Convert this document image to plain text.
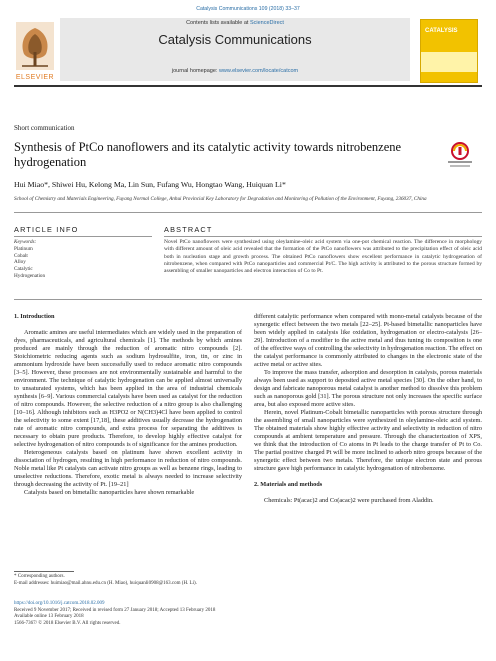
Catalysis Communications 109 (2018) 33–37
Contents lists available at ScienceDirect
Catalysis Communications
journal homepage: www.elsevier.com/locate/catcom
ELSEVIER
CATALYSIS
Short communication
Synthesis of PtCo nanoflowers and its catalytic activity towards nitrobenzene hydrogenation
Hui Miao*, Shiwei Hu, Kelong Ma, Lin Sun, Fufang Wu, Hongtao Wang, Huiquan Li*
School of Chemistry and Materials Engineering, Fuyang Normal College, Anhui Provincial Key Laboratory for Degradation and Monitoring of Pollution of the Environment, Fuyang, 236037, China
ARTICLE INFO	ABSTRACT
Keywords:
Platinum
Cobalt
Alloy
Catalytic
Hydrogenation
Novel PtCo nanoflowers were synthesized using oleylamine-oleic acid system via one-pot chemical reaction. The difference in morphology with different amount of oleic acid revealed that the formation of the PtCo nanoflowers was attributed to the precipitation effect of oleic acid both in nucleation stage and growth process. The obtained PtCo nanoflowers show excellent performance in catalytic hydrogenation of nitrobenzene, when compared with PtCo nanoparticles and commercial Pt/C. The high activity is attributed to the porous structure formed by assembling of smaller nanoparticles and electron interaction of Co to Pt.

1. Introduction

Aromatic amines are useful intermediates which are widely used in the preparation of dyes, pharmaceuticals, and agricultural chemicals [1]. The methods by which amines produced are mainly through the reduction of aromatic nitro compounds [2]. Stoichiometric reducing agents such as sodium hydrosulfite, iron, tin, or zinc in ammonium hydroxide have been successfully used to reduce aromatic nitro compounds [3–5]. However, these processes are not environmentally sustainable and harmful to the environment. The technique of catalytic hydrogenation can be applied almost universally to unsaturated systems, which has been applied in the area of industrial chemicals synthesis [6–9]. Various commercial catalysts have been used as catalyst for the reduction of nitro compounds. However, the selective reduction of a nitro group is also challenging [10–16]. Although inhibitors such as H3PO2 or N(CH3)4Cl have been applied to control the selectivity to some extent [17,18], these additives usually decrease the hydrogenation rate of aromatic nitro compounds, and extra process for separating the additives is necessary to obtain pure products. Therefore, to develop highly effective catalyst for selective hydrogenation of nitro compounds is of significance for the amines production.

Heterogeneous catalysts based on platinum have shown excellent activity in dissociation of hydrogen, resulting in high performance in reduction of nitro compounds. Noble metal like Pt catalysts can activate nitro groups as well as benzene rings, leading to unselective reductions. Therefore, exotic metal is always needed to increase selectivity through decreasing the activity of Pt. [19–21]

Catalysts based on bimetallic nanoparticles have shown remarkable

different catalytic performance when compared with mono-metal catalysts because of the synergetic effect between the two metals [22–25]. Pt-based bimetallic nanoparticles have been widely applied in catalysis like oxidation, hydrogenation or electro-catalysis [26–29]. Introduction of a modifier to the active metal and thus tuning its composition is one of the effective ways of controlling the selectivity in hydrogenation reaction. The effect on the catalyst performance is commonly attributed to changes in the electronic state of the active metal or active sites.

To improve the mass transfer, adsorption and desorption in catalysis, porous materials always been used as support to deposited active metal species [30]. On the other hand, to design and fabricate nanoporous metal catalyst is another method to dissolve this problem such as nanoporous gold [31]. The porous structure not only increases the specific surface area, but also exposed more active sites.

Herein, novel Platinum-Cobalt bimetallic nanoparticles with porous structure through the assembling of small nanoparticles were synthesized in oleylamine-oleic acid system. The obtained materials show highly effective activity and selectivity in reduction of nitro compounds at ambient temperature and pressure. Through the characterization of XPS, we think that the introduction of Co atoms in Pt leads to the charge transfer of Pt to Co. The partial positive charged Pt will be more inclined to adsorb nitro groups because of the synergetic effect between two metals. Therefore, the unique electron state and porous structure gave high performance in catalytic hydrogenation of nitrobenzene.

2. Materials and methods

Chemicals: Pt(acac)2 and Co(acac)2 were purchased from Aladdin.

* Corresponding authors.
E-mail addresses: huimiao@mail.ahnu.edu.cn (H. Miao), huiquanli0908@163.com (H. Li).
https://doi.org/10.1016/j.catcom.2018.02.009
Received 9 November 2017; Received in revised form 27 January 2018; Accepted 13 February 2018
Available online 13 February 2018
1566-7367/ © 2018 Elsevier B.V. All rights reserved.
